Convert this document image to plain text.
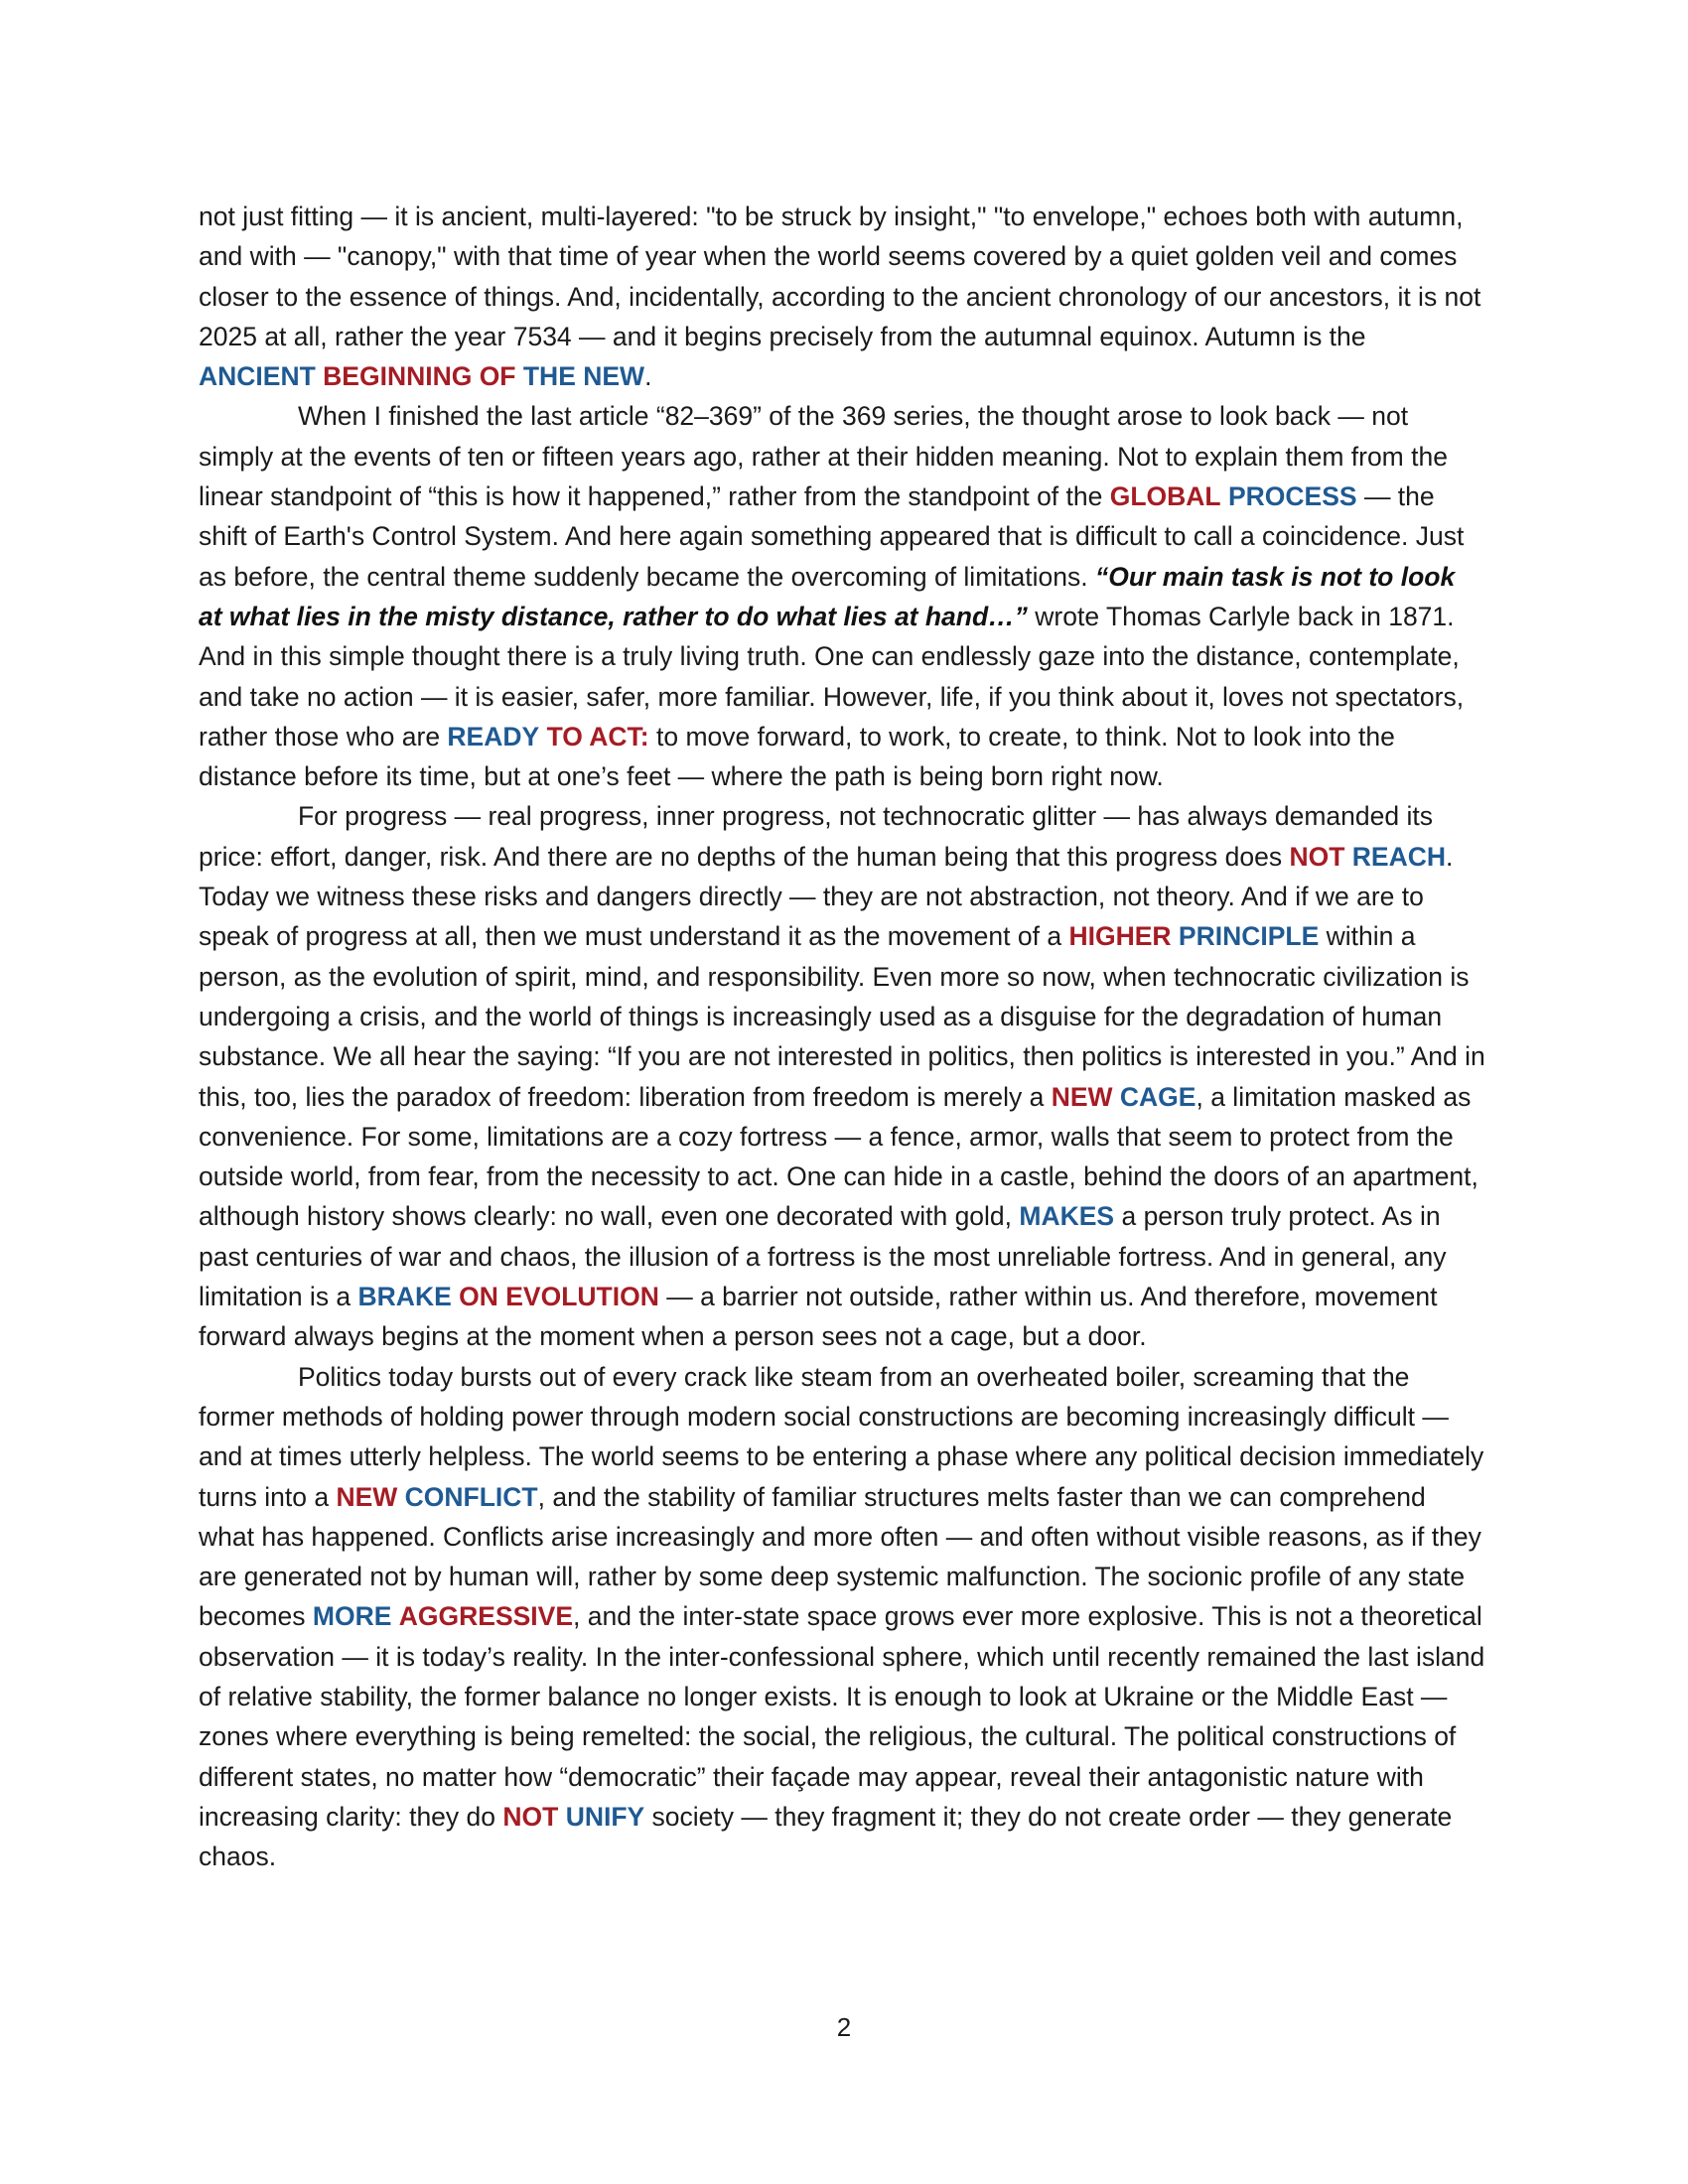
not just fitting — it is ancient, multi-layered: "to be struck by insight," "to envelope," echoes both with autumn, and with — "canopy," with that time of year when the world seems covered by a quiet golden veil and comes closer to the essence of things. And, incidentally, according to the ancient chronology of our ancestors, it is not 2025 at all, rather the year 7534 — and it begins precisely from the autumnal equinox. Autumn is the ANCIENT BEGINNING OF THE NEW.

When I finished the last article “82–369” of the 369 series, the thought arose to look back — not simply at the events of ten or fifteen years ago, rather at their hidden meaning. Not to explain them from the linear standpoint of “this is how it happened,” rather from the standpoint of the GLOBAL PROCESS — the shift of Earth's Control System. And here again something appeared that is difficult to call a coincidence. Just as before, the central theme suddenly became the overcoming of limitations. “Our main task is not to look at what lies in the misty distance, rather to do what lies at hand…” wrote Thomas Carlyle back in 1871. And in this simple thought there is a truly living truth. One can endlessly gaze into the distance, contemplate, and take no action — it is easier, safer, more familiar. However, life, if you think about it, loves not spectators, rather those who are READY TO ACT: to move forward, to work, to create, to think. Not to look into the distance before its time, but at one’s feet — where the path is being born right now.

For progress — real progress, inner progress, not technocratic glitter — has always demanded its price: effort, danger, risk. And there are no depths of the human being that this progress does NOT REACH. Today we witness these risks and dangers directly — they are not abstraction, not theory. And if we are to speak of progress at all, then we must understand it as the movement of a HIGHER PRINCIPLE within a person, as the evolution of spirit, mind, and responsibility. Even more so now, when technocratic civilization is undergoing a crisis, and the world of things is increasingly used as a disguise for the degradation of human substance. We all hear the saying: “If you are not interested in politics, then politics is interested in you.” And in this, too, lies the paradox of freedom: liberation from freedom is merely a NEW CAGE, a limitation masked as convenience. For some, limitations are a cozy fortress — a fence, armor, walls that seem to protect from the outside world, from fear, from the necessity to act. One can hide in a castle, behind the doors of an apartment, although history shows clearly: no wall, even one decorated with gold, MAKES a person truly protect. As in past centuries of war and chaos, the illusion of a fortress is the most unreliable fortress. And in general, any limitation is a BRAKE ON EVOLUTION — a barrier not outside, rather within us. And therefore, movement forward always begins at the moment when a person sees not a cage, but a door.

Politics today bursts out of every crack like steam from an overheated boiler, screaming that the former methods of holding power through modern social constructions are becoming increasingly difficult — and at times utterly helpless. The world seems to be entering a phase where any political decision immediately turns into a NEW CONFLICT, and the stability of familiar structures melts faster than we can comprehend what has happened. Conflicts arise increasingly and more often — and often without visible reasons, as if they are generated not by human will, rather by some deep systemic malfunction. The socionic profile of any state becomes MORE AGGRESSIVE, and the inter-state space grows ever more explosive. This is not a theoretical observation — it is today’s reality. In the inter-confessional sphere, which until recently remained the last island of relative stability, the former balance no longer exists. It is enough to look at Ukraine or the Middle East — zones where everything is being remelted: the social, the religious, the cultural. The political constructions of different states, no matter how “democratic” their façade may appear, reveal their antagonistic nature with increasing clarity: they do NOT UNIFY society — they fragment it; they do not create order — they generate chaos.

2
